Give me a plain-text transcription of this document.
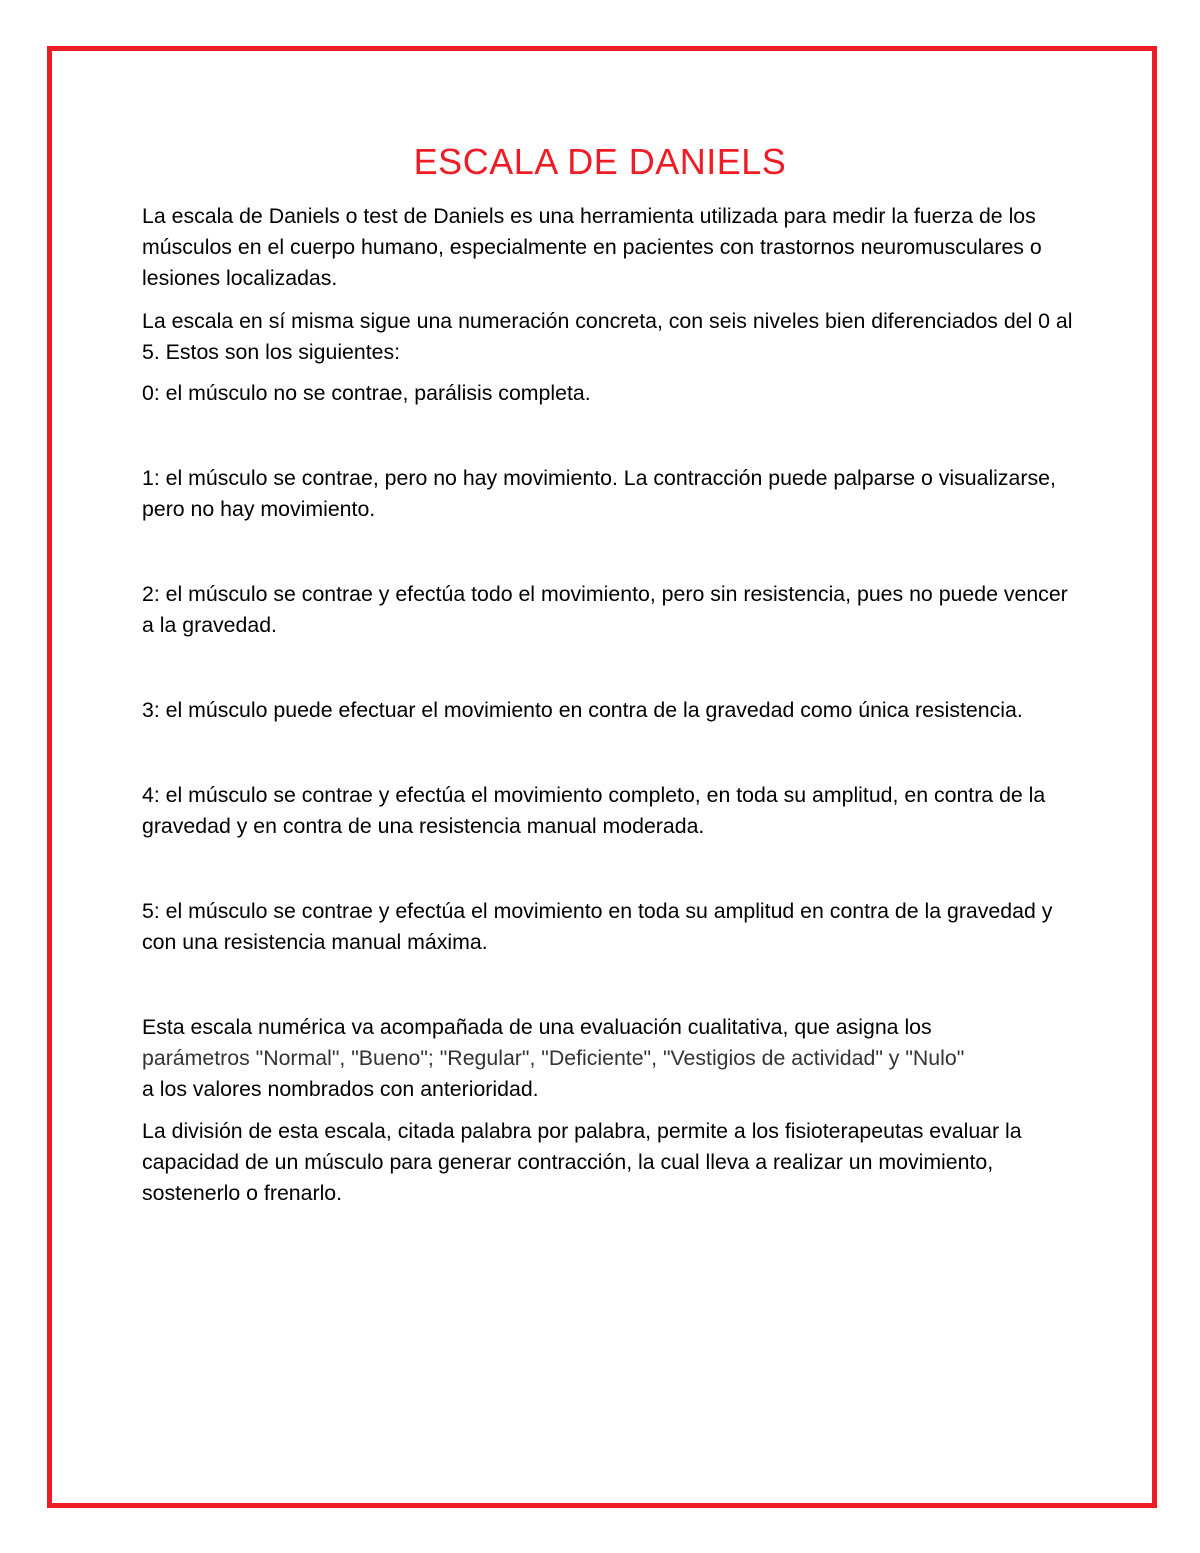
ESCALA DE DANIELS

La escala de Daniels o test de Daniels es una herramienta utilizada para medir la fuerza de los músculos en el cuerpo humano, especialmente en pacientes con trastornos neuromusculares o lesiones localizadas.

La escala en sí misma sigue una numeración concreta, con seis niveles bien diferenciados del 0 al 5. Estos son los siguientes:

0: el músculo no se contrae, parálisis completa.

1: el músculo se contrae, pero no hay movimiento. La contracción puede palparse o visualizarse, pero no hay movimiento.

2: el músculo se contrae y efectúa todo el movimiento, pero sin resistencia, pues no puede vencer a la gravedad.

3: el músculo puede efectuar el movimiento en contra de la gravedad como única resistencia.

4: el músculo se contrae y efectúa el movimiento completo, en toda su amplitud, en contra de la gravedad y en contra de una resistencia manual moderada.

5: el músculo se contrae y efectúa el movimiento en toda su amplitud en contra de la gravedad y con una resistencia manual máxima.

Esta escala numérica va acompañada de una evaluación cualitativa, que asigna los
parámetros "Normal", "Bueno"; "Regular", "Deficiente", "Vestigios de actividad" y "Nulo"
a los valores nombrados con anterioridad.

La división de esta escala, citada palabra por palabra, permite a los fisioterapeutas evaluar la capacidad de un músculo para generar contracción, la cual lleva a realizar un movimiento, sostenerlo o frenarlo.
